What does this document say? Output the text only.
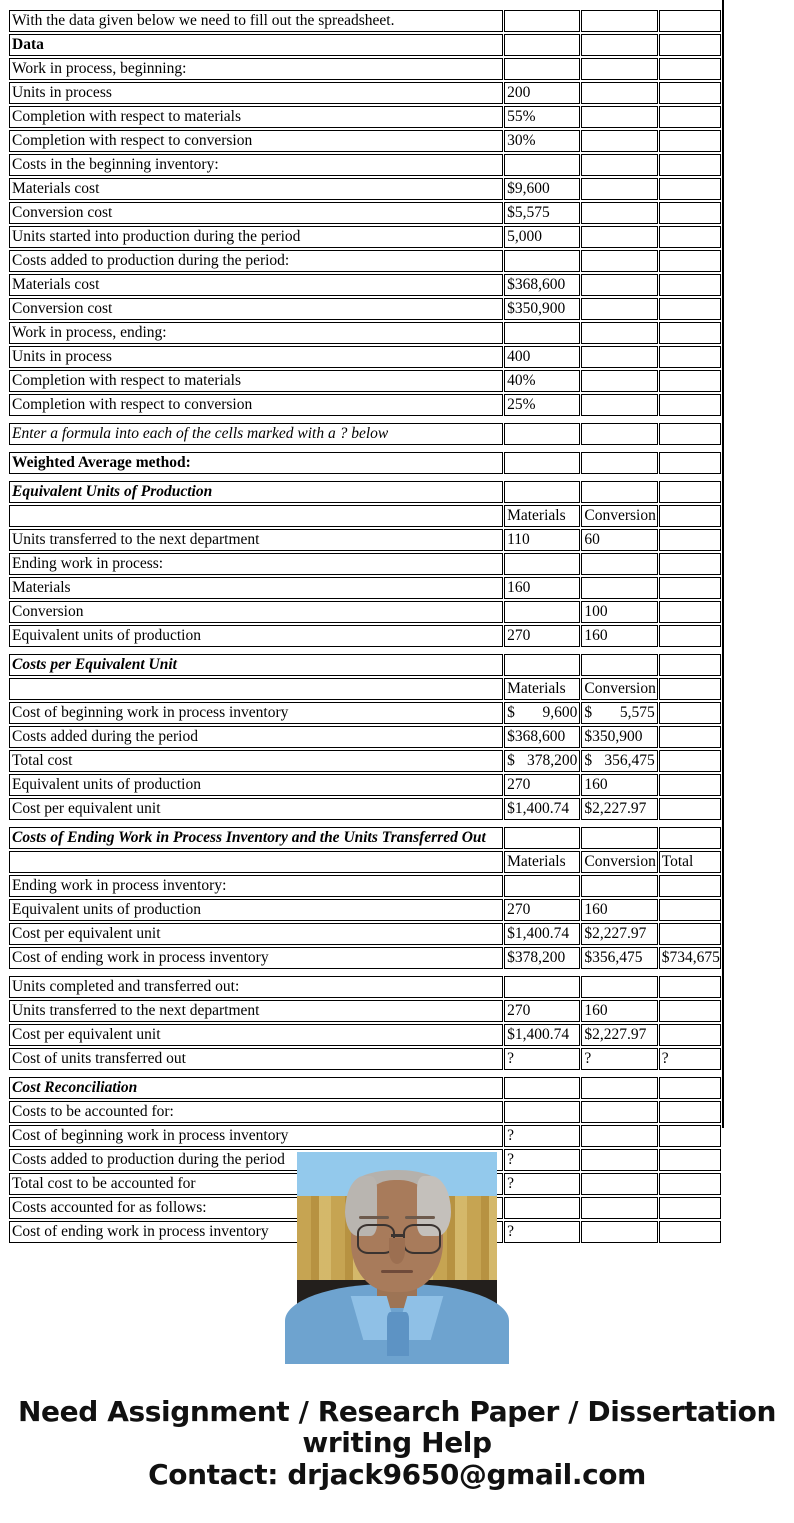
With the data given below we need to fill out the spreadsheet.			
Data			
Work in process, beginning:			
Units in process	200		
Completion with respect to materials	55%		
Completion with respect to conversion	30%		
Costs in the beginning inventory:			
Materials cost	$9,600		
Conversion cost	$5,575		
Units started into production during the period	5,000		
Costs added to production during the period:			
Materials cost	$368,600		
Conversion cost	$350,900		
Work in process, ending:			
Units in process	400		
Completion with respect to materials	40%		
Completion with respect to conversion	25%		

Enter a formula into each of the cells marked with a ? below			

Weighted Average method:			

Equivalent Units of Production			
	Materials	Conversion	
Units transferred to the next department	110	60	
Ending work in process:			
Materials	160		
Conversion		100	
Equivalent units of production	270	160	

Costs per Equivalent Unit			
	Materials	Conversion	
Cost of beginning work in process inventory	$ 9,600	$ 5,575	

Costs added during the period	$368,600	$350,900	
Total cost	$ 378,200	$ 356,475	

Equivalent units of production	270	160	
Cost per equivalent unit	$1,400.74	$2,227.97	

Costs of Ending Work in Process Inventory and the Units Transferred Out			
	Materials	Conversion	Total
Ending work in process inventory:			
Equivalent units of production	270	160	
Cost per equivalent unit	$1,400.74	$2,227.97	
Cost of ending work in process inventory	$378,200	$356,475	$734,675

Units completed and transferred out:			
Units transferred to the next department	270	160	
Cost per equivalent unit	$1,400.74	$2,227.97	
Cost of units transferred out	?	?	?

Cost Reconciliation			
Costs to be accounted for:			
Cost of beginning work in process inventory	?		
Costs added to production during the period	?		
Total cost to be accounted for	?		
Costs accounted for as follows:			
Cost of ending work in process inventory	?		
Need Assignment / Research Paper / Dissertation
writing Help
Contact: drjack9650@gmail.com
